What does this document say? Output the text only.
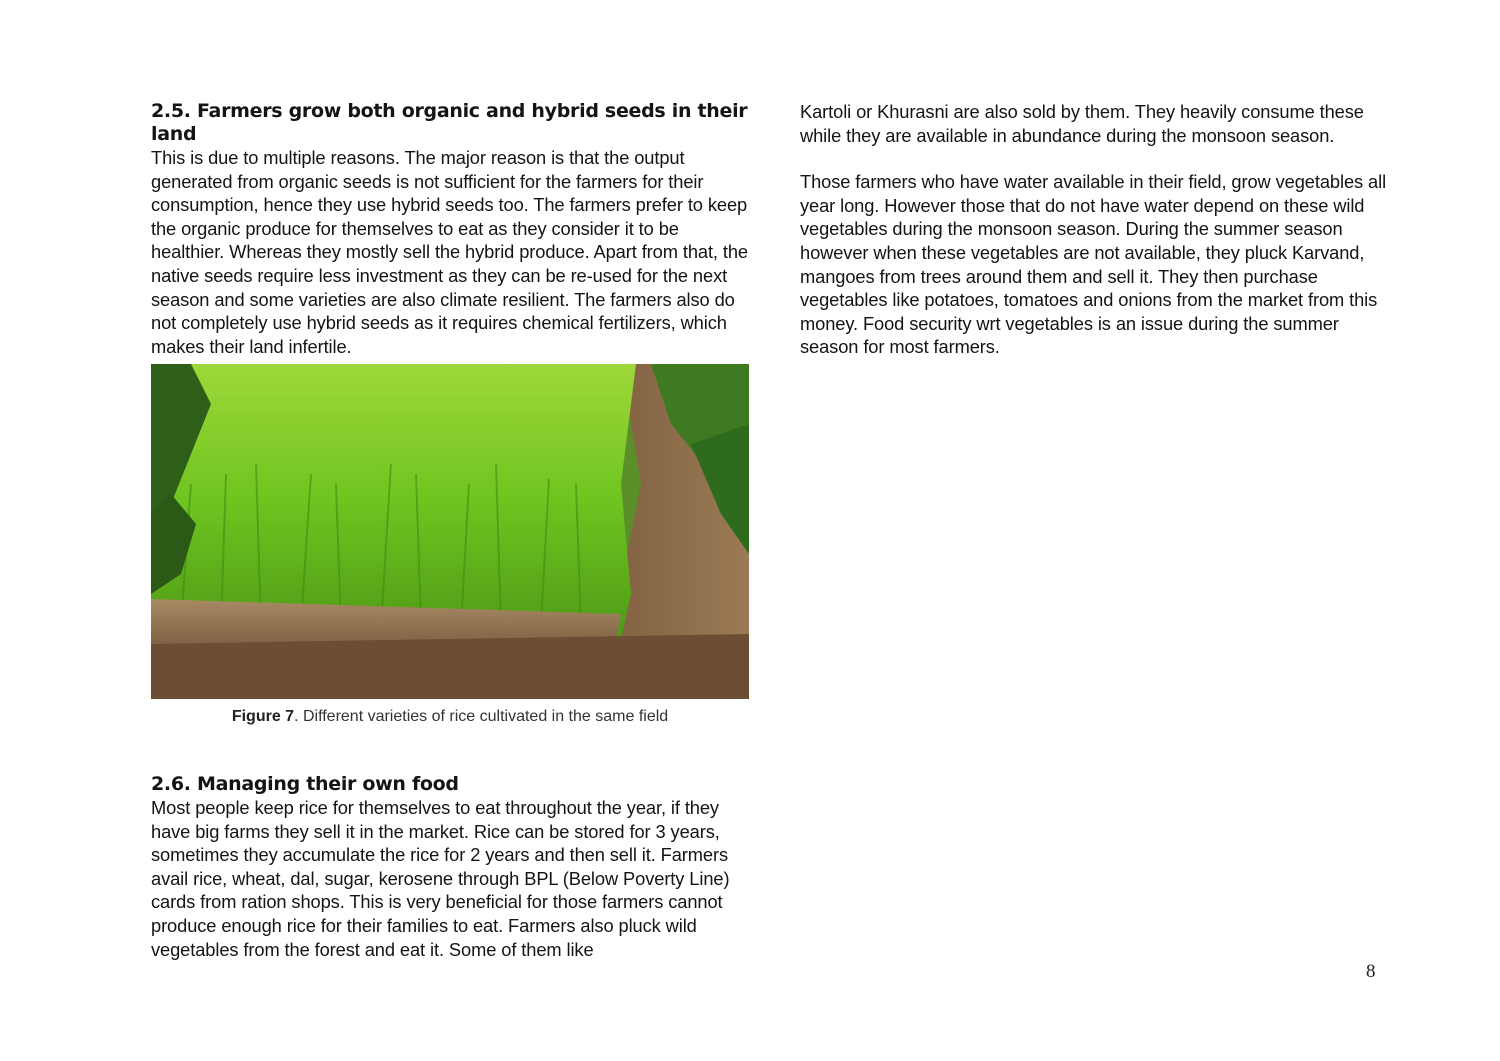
2.5. Farmers grow both organic and hybrid seeds in their land

This is due to multiple reasons. The major reason is that the output generated from organic seeds is not sufficient for the farmers for their consumption, hence they use hybrid seeds too. The farmers prefer to keep the organic produce for themselves to eat as they consider it to be healthier. Whereas they mostly sell the hybrid produce. Apart from that, the native seeds require less investment as they can be re-used for the next season and some varieties are also climate resilient. The farmers also do not completely use hybrid seeds as it requires chemical fertilizers, which makes their land infertile.

Figure 7. Different varieties of rice cultivated in the same field
2.6. Managing their own food

Most people keep rice for themselves to eat throughout the year, if they have big farms they sell it in the market. Rice can be stored for 3 years, sometimes they accumulate the rice for 2 years and then sell it. Farmers avail rice, wheat, dal, sugar, kerosene through BPL (Below Poverty Line) cards from ration shops. This is very beneficial for those farmers cannot produce enough rice for their families to eat. Farmers also pluck wild vegetables from the forest and eat it. Some of them like

Kartoli or Khurasni are also sold by them. They heavily consume these while they are available in abundance during the monsoon season.

Those farmers who have water available in their field, grow vegetables all year long. However those that do not have water depend on these wild vegetables during the monsoon season. During the summer season however when these vegetables are not available, they pluck Karvand, mangoes from trees around them and sell it. They then purchase vegetables like potatoes, tomatoes and onions from the market from this money. Food security wrt vegetables is an issue during the summer season for most farmers.

8
